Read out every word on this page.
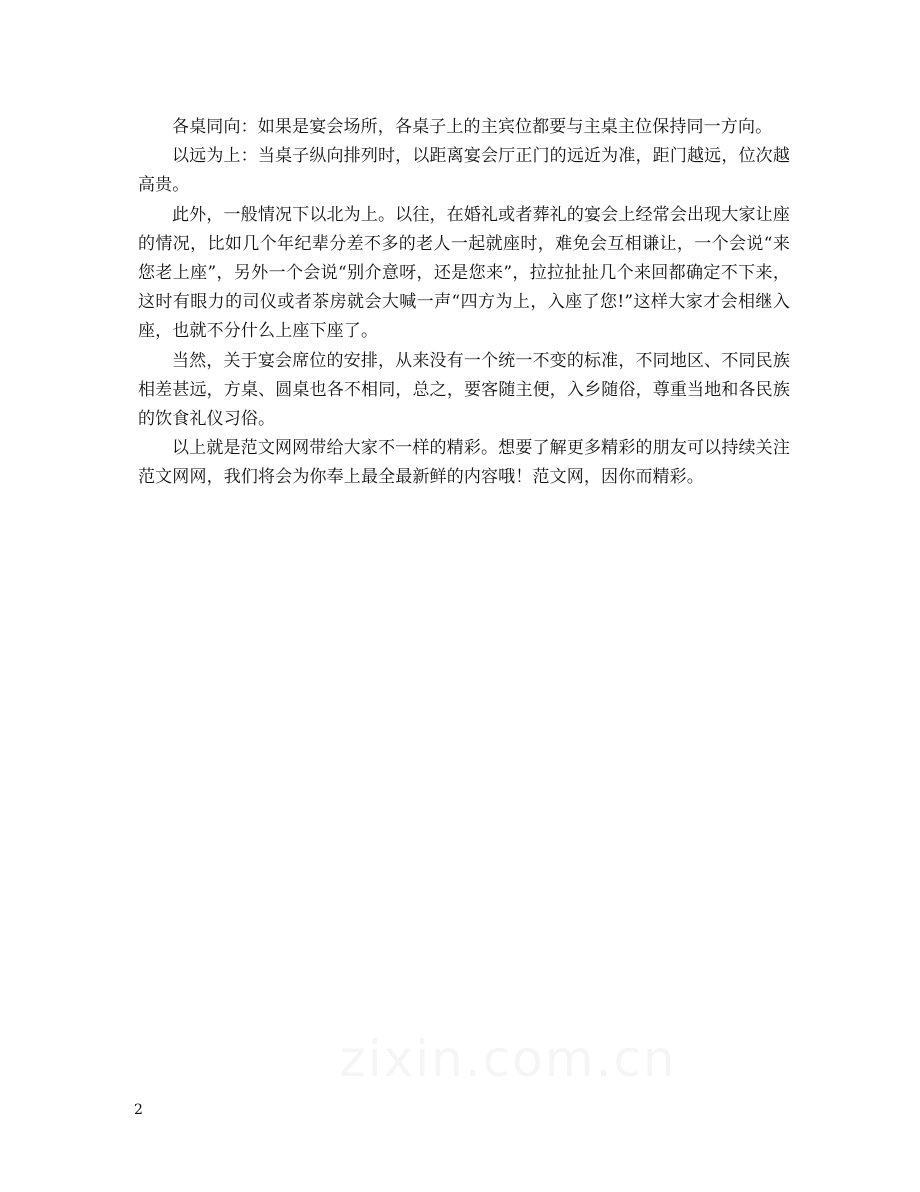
各桌同向：如果是宴会场所，各桌子上的主宾位都要与主桌主位保持同一方向。

以远为上：当桌子纵向排列时，以距离宴会厅正门的远近为准，距门越远，位次越高贵。

此外，一般情况下以北为上。以往，在婚礼或者葬礼的宴会上经常会出现大家让座的情况，比如几个年纪辈分差不多的老人一起就座时，难免会互相谦让，一个会说“来您老上座”，另外一个会说“别介意呀，还是您来”，拉拉扯扯几个来回都确定不下来，这时有眼力的司仪或者茶房就会大喊一声“四方为上，入座了您!”这样大家才会相继入座，也就不分什么上座下座了。

当然，关于宴会席位的安排，从来没有一个统一不变的标准，不同地区、不同民族相差甚远，方桌、圆桌也各不相同，总之，要客随主便，入乡随俗，尊重当地和各民族的饮食礼仪习俗。

以上就是范文网网带给大家不一样的精彩。想要了解更多精彩的朋友可以持续关注范文网网，我们将会为你奉上最全最新鲜的内容哦！范文网，因你而精彩。

2
